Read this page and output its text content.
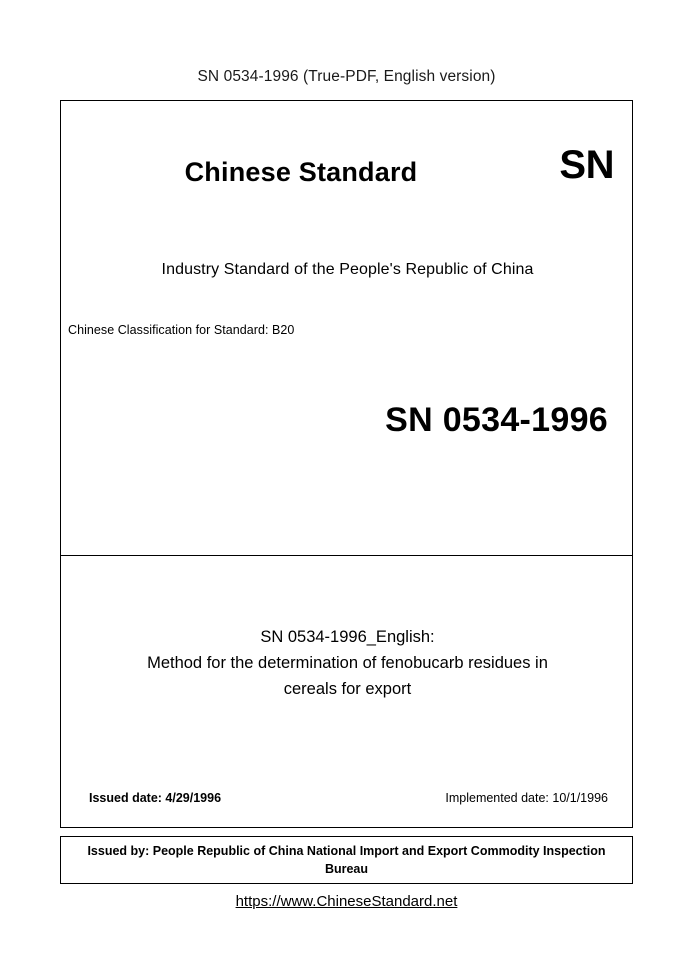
SN 0534-1996 (True-PDF, English version)
Chinese Standard	SN
Industry Standard of the People's Republic of China
Chinese Classification for Standard: B20
SN 0534-1996
SN 0534-1996_English:
Method for the determination of fenobucarb residues in
cereals for export
Issued date: 4/29/1996	Implemented date: 10/1/1996
Issued by: People Republic of China National Import and Export Commodity Inspection Bureau
https://www.ChineseStandard.net
